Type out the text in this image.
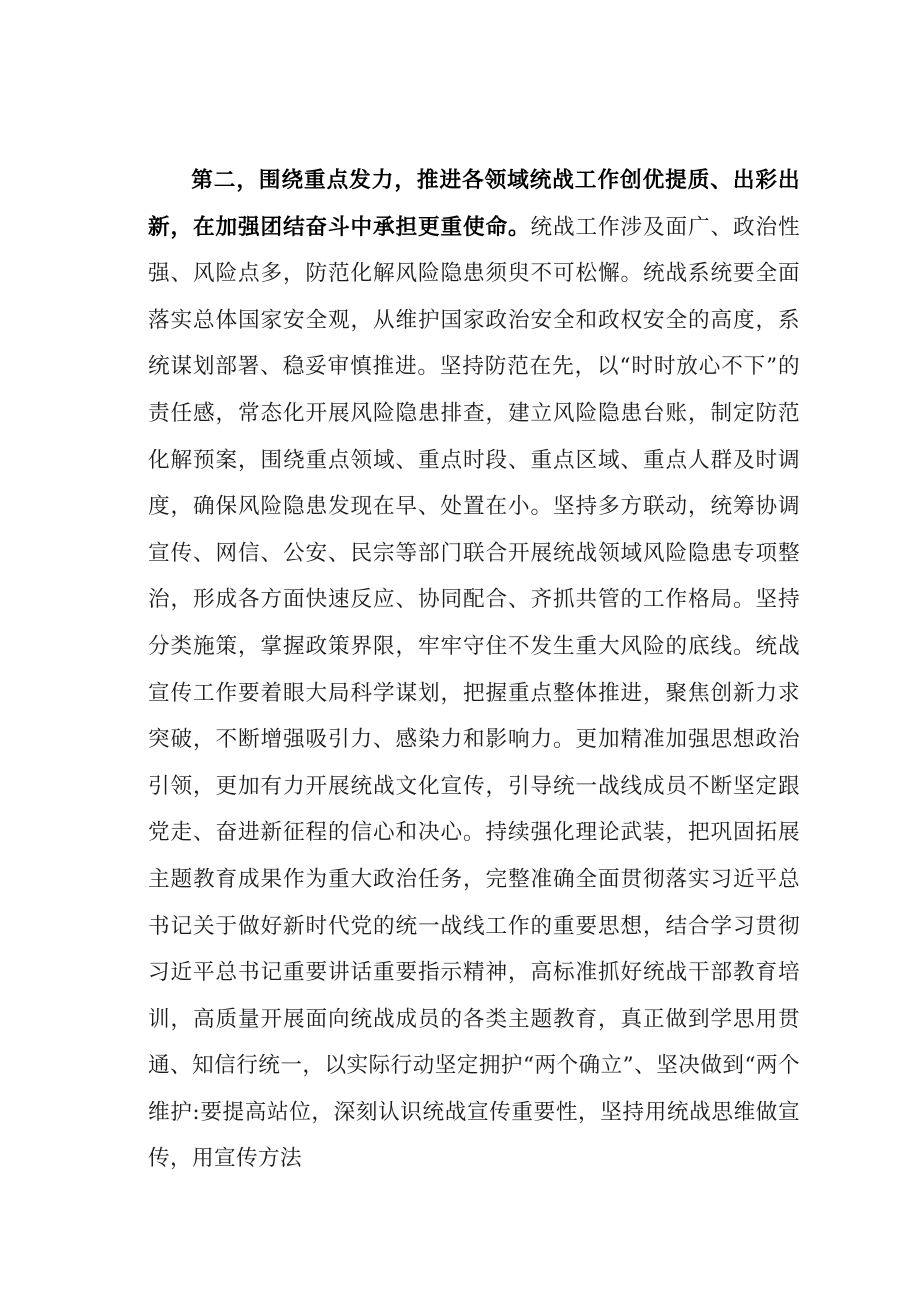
第二，围绕重点发力，推进各领域统战工作创优提质、出彩出新，在加强团结奋斗中承担更重使命。统战工作涉及面广、政治性强、风险点多，防范化解风险隐患须臾不可松懈。统战系统要全面落实总体国家安全观，从维护国家政治安全和政权安全的高度，系统谋划部署、稳妥审慎推进。坚持防范在先，以“时时放心不下”的责任感，常态化开展风险隐患排查，建立风险隐患台账，制定防范化解预案，围绕重点领域、重点时段、重点区域、重点人群及时调度，确保风险隐患发现在早、处置在小。坚持多方联动，统筹协调宣传、网信、公安、民宗等部门联合开展统战领域风险隐患专项整治，形成各方面快速反应、协同配合、齐抓共管的工作格局。坚持分类施策，掌握政策界限，牢牢守住不发生重大风险的底线。统战宣传工作要着眼大局科学谋划，把握重点整体推进，聚焦创新力求突破，不断增强吸引力、感染力和影响力。更加精准加强思想政治引领，更加有力开展统战文化宣传，引导统一战线成员不断坚定跟党走、奋进新征程的信心和决心。持续强化理论武装，把巩固拓展主题教育成果作为重大政治任务，完整准确全面贯彻落实习近平总书记关于做好新时代党的统一战线工作的重要思想，结合学习贯彻习近平总书记重要讲话重要指示精神，高标准抓好统战干部教育培训，高质量开展面向统战成员的各类主题教育，真正做到学思用贯通、知信行统一，以实际行动坚定拥护“两个确立”、坚决做到“两个维护:要提高站位，深刻认识统战宣传重要性，坚持用统战思维做宣传，用宣传方法
